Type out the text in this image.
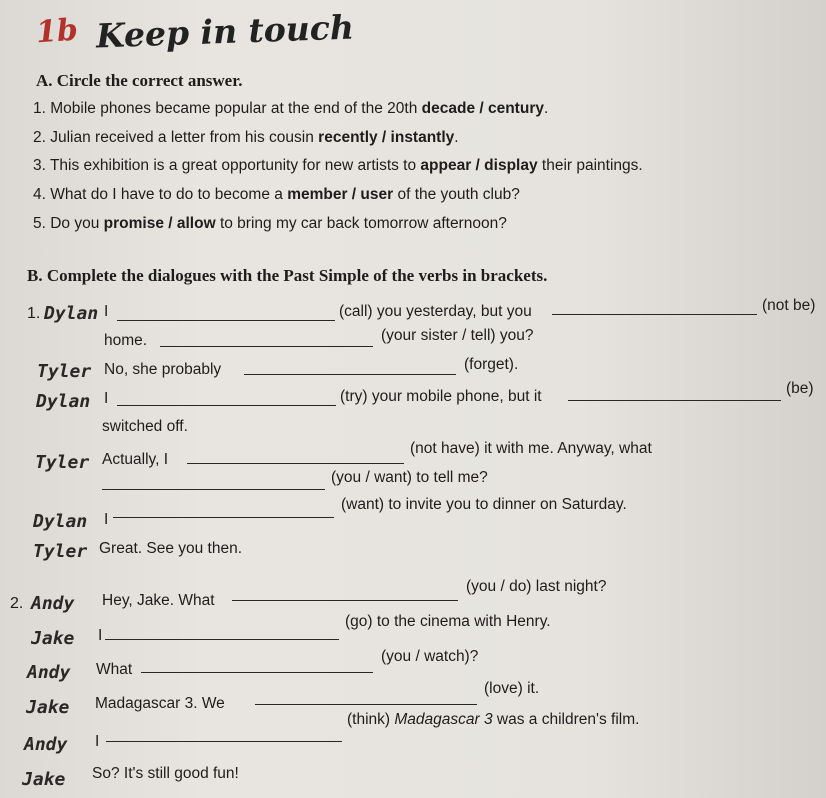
1b Keep in touch
A. Circle the correct answer.
1. Mobile phones became popular at the end of the 20th decade / century.
2. Julian received a letter from his cousin recently / instantly.
3. This exhibition is a great opportunity for new artists to appear / display their paintings.
4. What do I have to do to become a member / user of the youth club?
5. Do you promise / allow to bring my car back tomorrow afternoon?
B. Complete the dialogues with the Past Simple of the verbs in brackets.
1. Dylan I	(call) you yesterday, but you	(not be)
home.	(your sister / tell) you?
Tyler No, she probably	(forget).
Dylan I	(try) your mobile phone, but it	(be)
switched off.
Tyler Actually, I
(not have) it with me. Anyway, what
(you / want) to tell me?
Dylan I
(want) to invite you to dinner on Saturday.
Tyler Great. See you then.
2. Andy Hey, Jake. What
(you / do) last night?
Jake I
(go) to the cinema with Henry.
Andy What
(you / watch)?
Jake Madagascar 3. We
(love) it.
Andy I
(think) Madagascar 3 was a children's film.
Jake So? It's still good fun!
